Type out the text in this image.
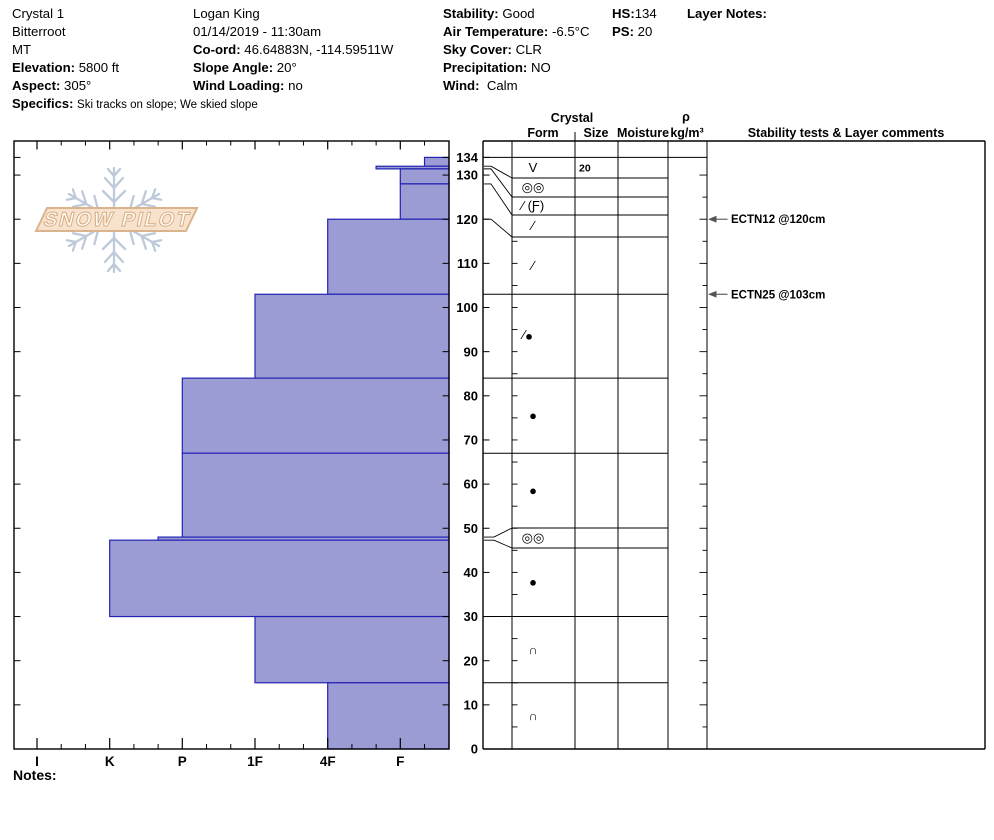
Crystal 1
Bitterroot
MT
Elevation: 5800 ft
Aspect: 305°
Logan King
01/14/2019 - 11:30am
Co-ord: 46.64883N, -114.59511W
Slope Angle: 20°
Wind Loading: no
Stability: Good
Air Temperature: -6.5°C
Sky Cover: CLR
Precipitation: NO
Wind: Calm
HS:134
PS: 20
Layer Notes:
Specifics: Ski tracks on slope; We skied slope
Notes:
SNOW PILOT
Crystal
Form Size Moisture
ρ
kg/m³	Stability tests & Layer comments
0
10
20
30
40
50
60
70
80
90
100
110
120
130
134
I	K	P	1F	4F	F
V	20
◎◎
∕ (Ƒ)
∕
∕
●∕
●
●
◎◎
●
∩
∩
ECTN12 @120cm
ECTN25 @103cm
